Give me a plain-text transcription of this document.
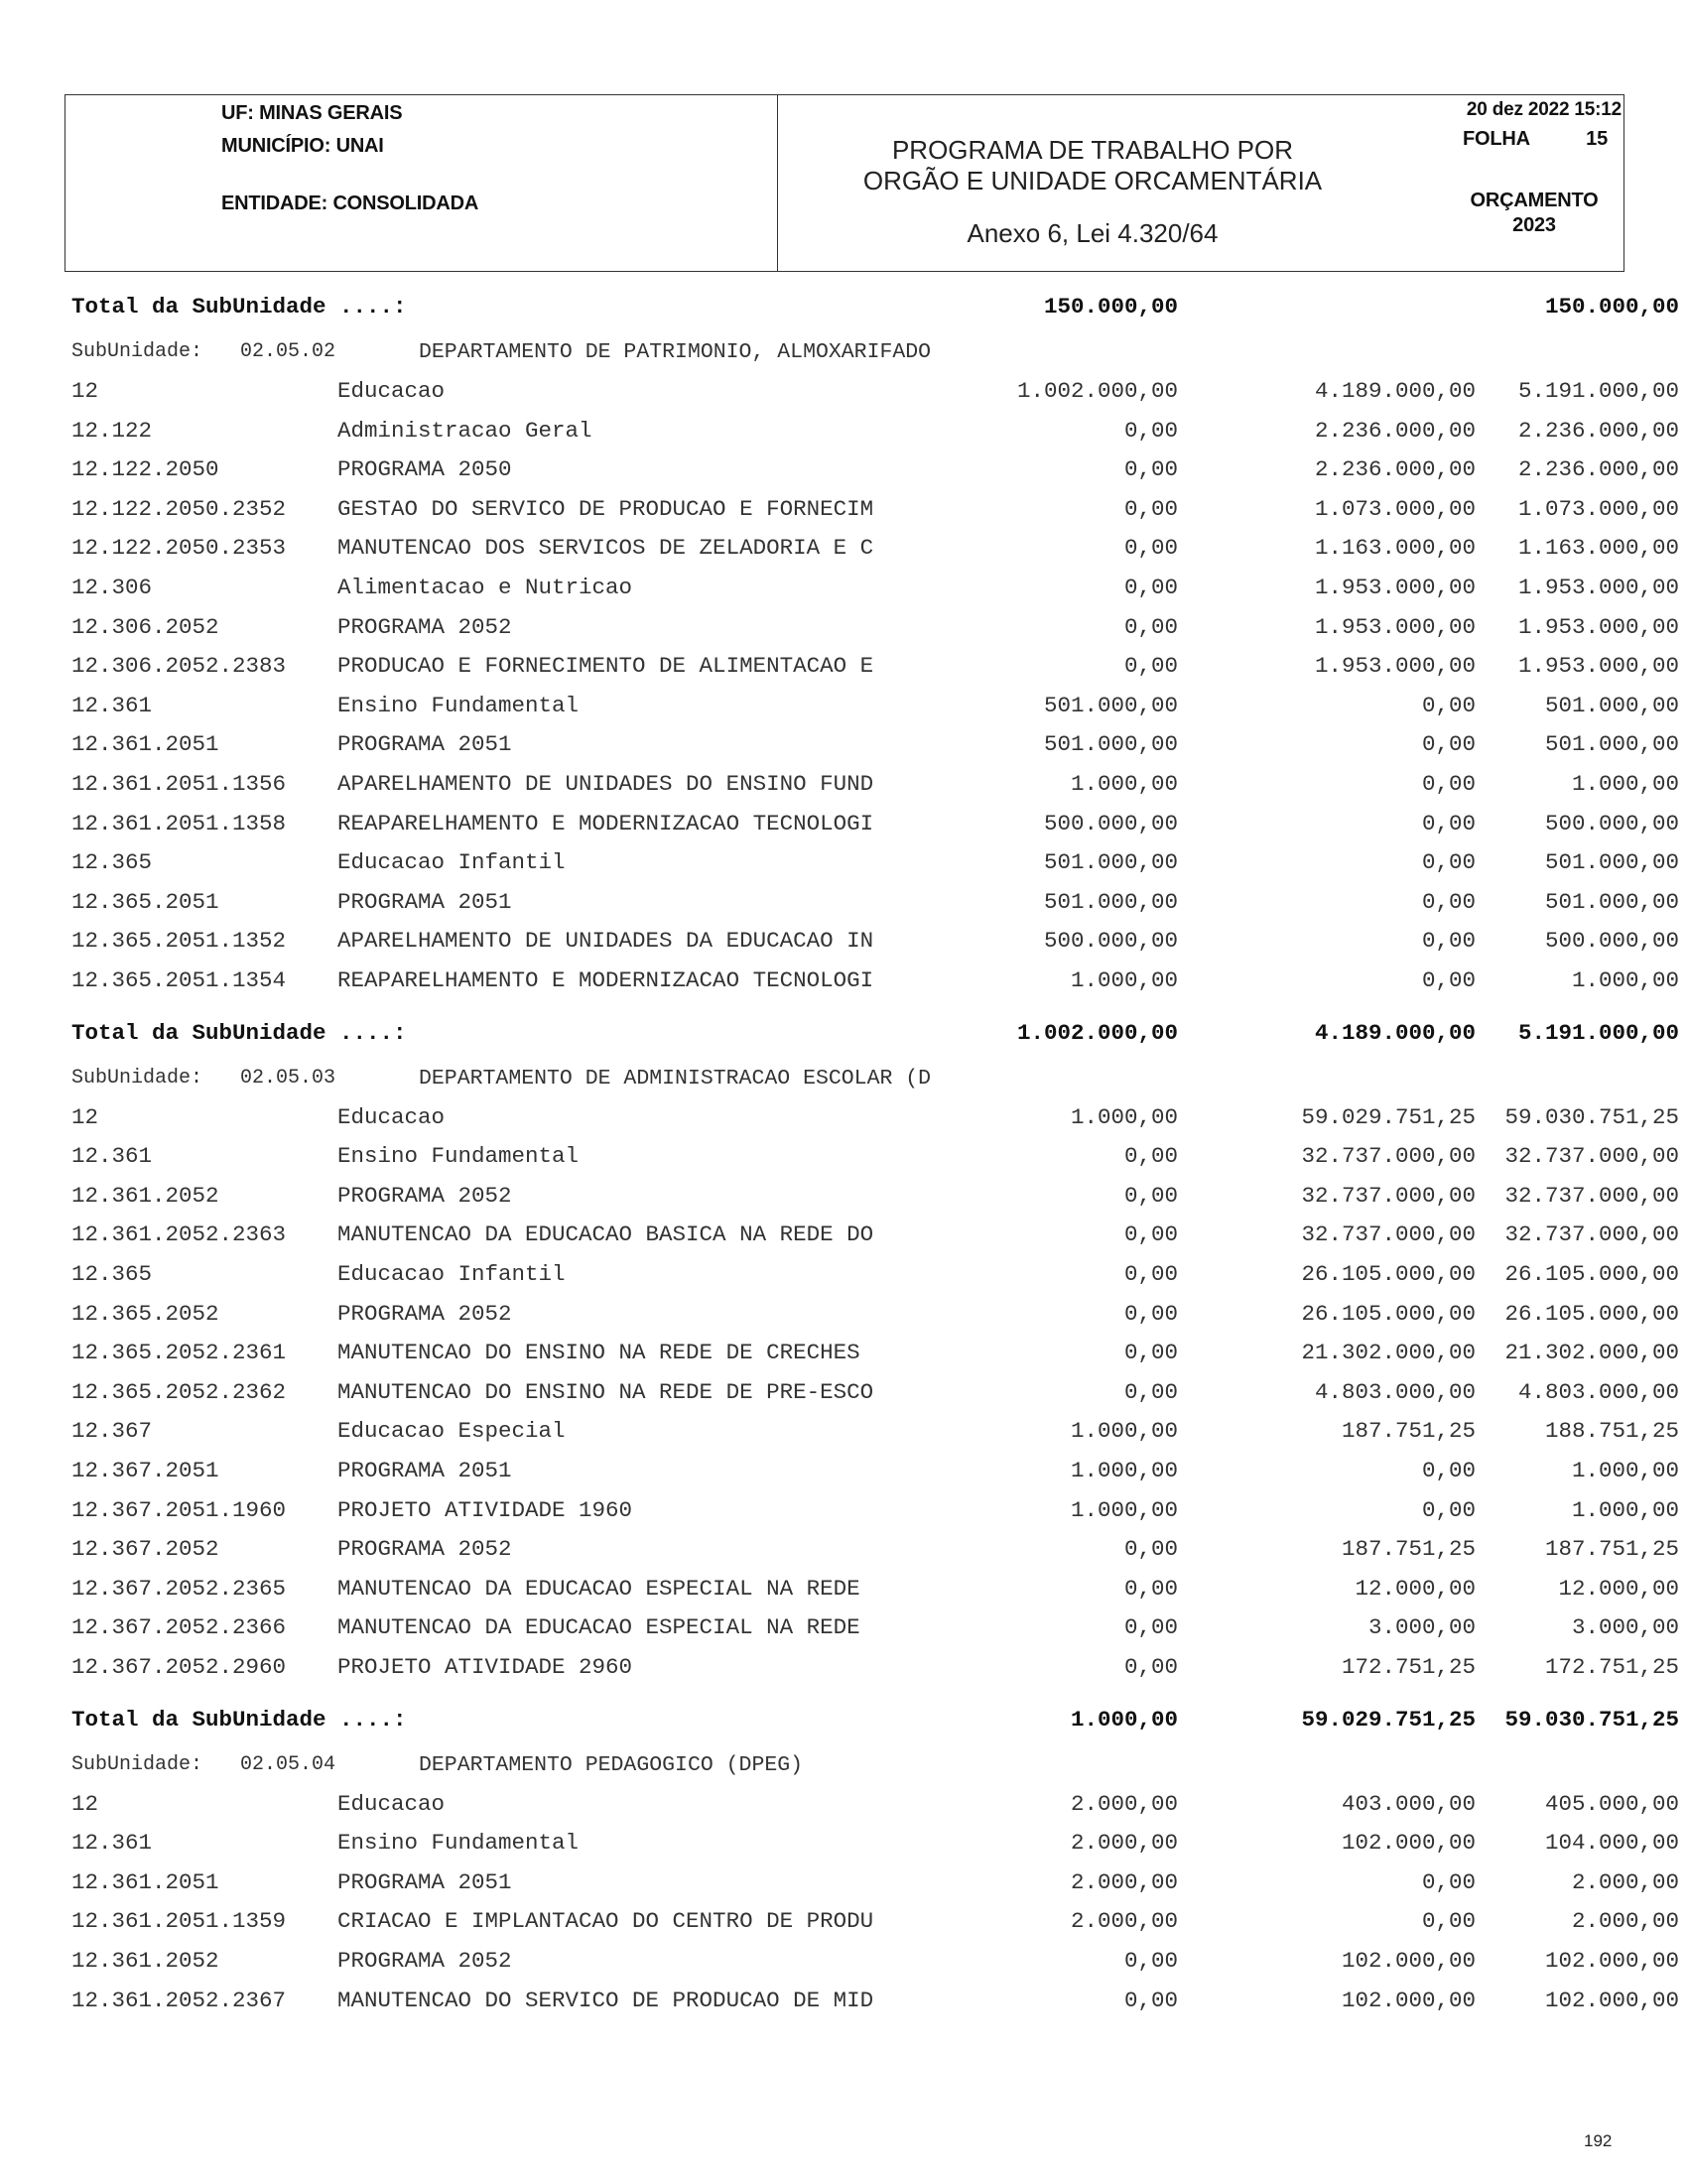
UF: MINAS GERAIS
MUNICÍPIO: UNAI
ENTIDADE: CONSOLIDADA
PROGRAMA DE TRABALHO POR
ORGÃO E UNIDADE ORCAMENTÁRIA
Anexo 6, Lei 4.320/64
20 dez 2022 15:12
FOLHA	15
ORÇAMENTO
2023
Total da SubUnidade ....:	150.000,00	150.000,00
SubUnidade: 02.05.02	DEPARTAMENTO DE PATRIMONIO, ALMOXARIFADO
12	Educacao	1.002.000,00	4.189.000,00 5.191.000,00
12.122	Administracao Geral	0,00	2.236.000,00 2.236.000,00
12.122.2050	PROGRAMA 2050	0,00	2.236.000,00 2.236.000,00
12.122.2050.2352 GESTAO DO SERVICO DE PRODUCAO E FORNECIM	0,00	1.073.000,00 1.073.000,00
12.122.2050.2353 MANUTENCAO DOS SERVICOS DE ZELADORIA E C	0,00	1.163.000,00 1.163.000,00
12.306	Alimentacao e Nutricao	0,00	1.953.000,00 1.953.000,00
12.306.2052	PROGRAMA 2052	0,00	1.953.000,00 1.953.000,00
12.306.2052.2383 PRODUCAO E FORNECIMENTO DE ALIMENTACAO E	0,00	1.953.000,00 1.953.000,00
12.361	Ensino Fundamental	501.000,00	0,00	501.000,00
12.361.2051	PROGRAMA 2051	501.000,00	0,00	501.000,00
12.361.2051.1356 APARELHAMENTO DE UNIDADES DO ENSINO FUND	1.000,00	0,00	1.000,00
12.361.2051.1358 REAPARELHAMENTO E MODERNIZACAO TECNOLOGI	500.000,00	0,00	500.000,00
12.365	Educacao Infantil	501.000,00	0,00	501.000,00
12.365.2051	PROGRAMA 2051	501.000,00	0,00	501.000,00
12.365.2051.1352 APARELHAMENTO DE UNIDADES DA EDUCACAO IN	500.000,00	0,00	500.000,00
12.365.2051.1354 REAPARELHAMENTO E MODERNIZACAO TECNOLOGI	1.000,00	0,00	1.000,00
Total da SubUnidade ....:	1.002.000,00	4.189.000,00 5.191.000,00
SubUnidade: 02.05.03	DEPARTAMENTO DE ADMINISTRACAO ESCOLAR (D
12	Educacao	1.000,00	59.029.751,25 59.030.751,25
12.361	Ensino Fundamental	0,00	32.737.000,00 32.737.000,00
12.361.2052	PROGRAMA 2052	0,00	32.737.000,00 32.737.000,00
12.361.2052.2363 MANUTENCAO DA EDUCACAO BASICA NA REDE DO	0,00	32.737.000,00 32.737.000,00
12.365	Educacao Infantil	0,00	26.105.000,00 26.105.000,00
12.365.2052	PROGRAMA 2052	0,00	26.105.000,00 26.105.000,00
12.365.2052.2361 MANUTENCAO DO ENSINO NA REDE DE CRECHES	0,00	21.302.000,00 21.302.000,00
12.365.2052.2362 MANUTENCAO DO ENSINO NA REDE DE PRE-ESCO	0,00	4.803.000,00 4.803.000,00
12.367	Educacao Especial	1.000,00	187.751,25	188.751,25
12.367.2051	PROGRAMA 2051	1.000,00	0,00	1.000,00
12.367.2051.1960 PROJETO ATIVIDADE 1960	1.000,00	0,00	1.000,00
12.367.2052	PROGRAMA 2052	0,00	187.751,25	187.751,25
12.367.2052.2365 MANUTENCAO DA EDUCACAO ESPECIAL NA REDE	0,00	12.000,00	12.000,00
12.367.2052.2366 MANUTENCAO DA EDUCACAO ESPECIAL NA REDE	0,00	3.000,00	3.000,00
12.367.2052.2960 PROJETO ATIVIDADE 2960	0,00	172.751,25	172.751,25
Total da SubUnidade ....:	1.000,00	59.029.751,25 59.030.751,25
SubUnidade: 02.05.04	DEPARTAMENTO PEDAGOGICO (DPEG)
12	Educacao	2.000,00	403.000,00	405.000,00
12.361	Ensino Fundamental	2.000,00	102.000,00	104.000,00
12.361.2051	PROGRAMA 2051	2.000,00	0,00	2.000,00
12.361.2051.1359 CRIACAO E IMPLANTACAO DO CENTRO DE PRODU	2.000,00	0,00	2.000,00
12.361.2052	PROGRAMA 2052	0,00	102.000,00	102.000,00
12.361.2052.2367 MANUTENCAO DO SERVICO DE PRODUCAO DE MID	0,00	102.000,00	102.000,00
192
